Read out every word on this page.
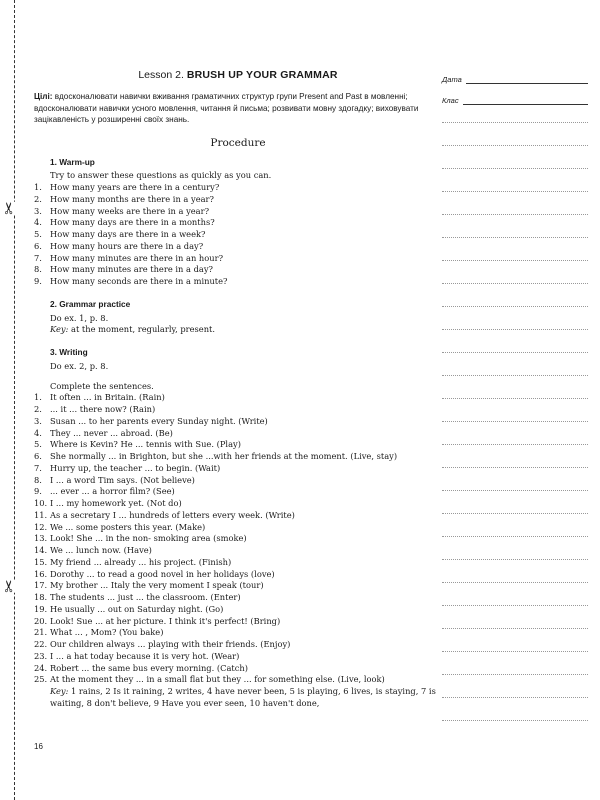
✂
✂
Дата
Клас
Lesson 2. BRUSH UP YOUR GRAMMAR
Цілі: вдосконалювати навички вживання граматичних структур групи Present and Past в мовленні; вдосконалювати навички усного мовлення, читання й письма; розвивати мовну здогадку; виховувати зацікавленість у розширенні своїх знань.
Procedure
1. Warm-up
Try to answer these questions as quickly as you can.
1. How many years are there in a century?
2. How many months are there in a year?
3. How many weeks are there in a year?
4. How many days are there in a months?
5. How many days are there in a week?
6. How many hours are there in a day?
7. How many minutes are there in an hour?
8. How many minutes are there in a day?
9. How many seconds are there in a minute?
2. Grammar practice
Do ex. 1, p. 8.
Key: at the moment, regularly, present.
3. Writing
Do ex. 2, p. 8.
Complete the sentences.
1. It often ... in Britain. (Rain)
2. ... it ... there now? (Rain)
3. Susan ... to her parents every Sunday night. (Write)
4. They ... never ... abroad. (Be)
5. Where is Kevin? He ... tennis with Sue. (Play)
6. She normally ... in Brighton, but she ...with her friends at the moment. (Live, stay)
7. Hurry up, the teacher ... to begin. (Wait)
8. I ... a word Tim says. (Not believe)
9. ... ever ... a horror film? (See)
10. I ... my homework yet. (Not do)
11. As a secretary I ... hundreds of letters every week. (Write)
12. We ... some posters this year. (Make)
13. Look! She ... in the non- smoking area (smoke)
14. We ... lunch now. (Have)
15. My friend ... already ... his project. (Finish)
16. Dorothy ... to read a good novel in her holidays (love)
17. My brother ... Italy the very moment I speak (tour)
18. The students ... just ... the classroom. (Enter)
19. He usually ... out on Saturday night. (Go)
20. Look! Sue ... at her picture. I think it's perfect! (Bring)
21. What ... , Mom? (You bake)
22. Our children always ... playing with their friends. (Enjoy)
23. I ... a hat today because it is very hot. (Wear)
24. Robert ... the same bus every morning. (Catch)
25. At the moment they ... in a small flat but they ... for something else. (Live, look)
Key: 1 rains, 2 Is it raining, 2 writes, 4 have never been, 5 is playing, 6 lives, is staying, 7 is waiting, 8 don't believe, 9 Have you ever seen, 10 haven't done,
16
